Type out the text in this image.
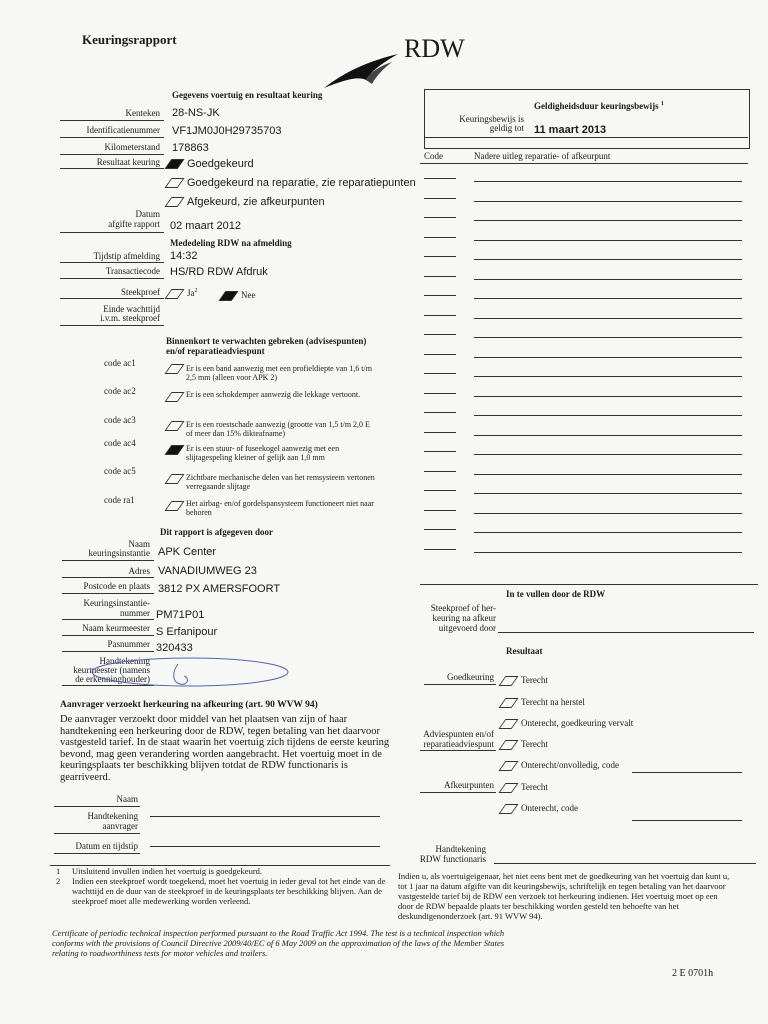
Keuringsrapport	RDW
Gegevens voertuig en resultaat keuring
Kenteken 28-NS-JK
Identificatienummer VF1JM0J0H29735703
Kilometerstand 178863
Resultaat keuring	Goedgekeurd
Goedgekeurd na reparatie, zie reparatiepunten
Afgekeurd, zie afkeurpunten
Datum
afgifte rapport 02 maart 2012
Mededeling RDW na afmelding
Tijdstip afmelding 14:32
Transactiecode HS/RD RDW Afdruk
Steekproef	Ja$^2$	Nee
Einde wachttijd
i.v.m. steekproef
Binnenkort te verwachten gebreken (advisespunten)
en/of reparatieadviespunt
code ac1
Er is een band aanwezig met een profieldiepte van 1,6 t/m 2,5 mm (alleen voor APK 2)
code ac2	Er is een schokdemper aanwezig die lekkage vertoont.
code ac3	Er is een roestschade aanwezig (grootte van 1,5 t/m 2,0 E of meer dan 15% dikteafname)
code ac4
Er is een stuur- of fuseekogel aanwezig met een slijtagespeling kleiner of gelijk aan 1,0 mm
code ac5
Zichtbare mechanische delen van het remsysteem vertonen verregaande slijtage
code ra1	Het airbag- en/of gordelspansysteem functioneert niet naar behoren
Dit rapport is afgegeven door
Naam
keuringsinstantie APK Center
Adres VANADIUMWEG 23
Postcode en plaats 3812 PX AMERSFOORT
Keuringsinstantie-
nummer PM71P01
Naam keurmeester S Erfanipour
Pasnummer 320433
Handtekening
keurmeester (namens
de erkenninghouder)
Aanvrager verzoekt herkeuring na afkeuring (art. 90 WVW 94)
De aanvrager verzoekt door middel van het plaatsen van zijn of haar handtekening een herkeuring door de RDW, tegen betaling van het daarvoor vastgesteld tarief. In de staat waarin het voertuig zich tijdens de eerste keuring bevond, mag geen verandering worden aangebracht. Het voertuig moet in de keuringsplaats ter beschikking blijven totdat de RDW functionaris is gearriveerd.
Naam
Handtekening
aanvrager
Datum en tijdstip
Geldigheidsduur keuringsbewijs $^1$
Keuringsbewijs is
geldig tot 11 maart 2013
Code	Nadere uitleg reparatie- of afkeurpunt
In te vullen door de RDW
Steekproef of her-
keuring na afkeur
uitgevoerd door
Resultaat
Goedkeuring	Terecht
Terecht na herstel
Onterecht, goedkeuring vervalt
Adviespunten en/of
reparatieadviespunt	Terecht
Onterecht/onvolledig, code
Afkeurpunten	Terecht
Onterecht, code
Handtekening
RDW functionaris
1 Uitsluitend invullen indien het voertuig is goedgekeurd.
2 Indien een steekproef wordt toegekend, moet het voertuig in ieder geval tot het einde van de wachttijd en de duur van de steekproef in de keuringsplaats ter beschikking blijven. Aan de steekproef moet alle medewerking worden verleend.
Indien u, als voertuigeigenaar, het niet eens bent met de goedkeuring van het voertuig dan kunt u, tot 1 jaar na datum afgifte van dit keuringsbewijs, schriftelijk en tegen betaling van het daarvoor vastgestelde tarief bij de RDW een verzoek tot herkeuring indienen. Het voertuig moet op een door de RDW bepaalde plaats ter beschikking worden gesteld ten behoefte van het deskundigenonderzoek (art. 91 WVW 94).
Certificate of periodic technical inspection performed pursuant to the Road Traffic Act 1994. The test is a technical inspection which conforms with the provisions of Council Directive 2009/40/EC of 6 May 2009 on the approximation of the laws of the Member States relating to roadworthiness tests for motor vehicles and trailers.
2 E 0701h
